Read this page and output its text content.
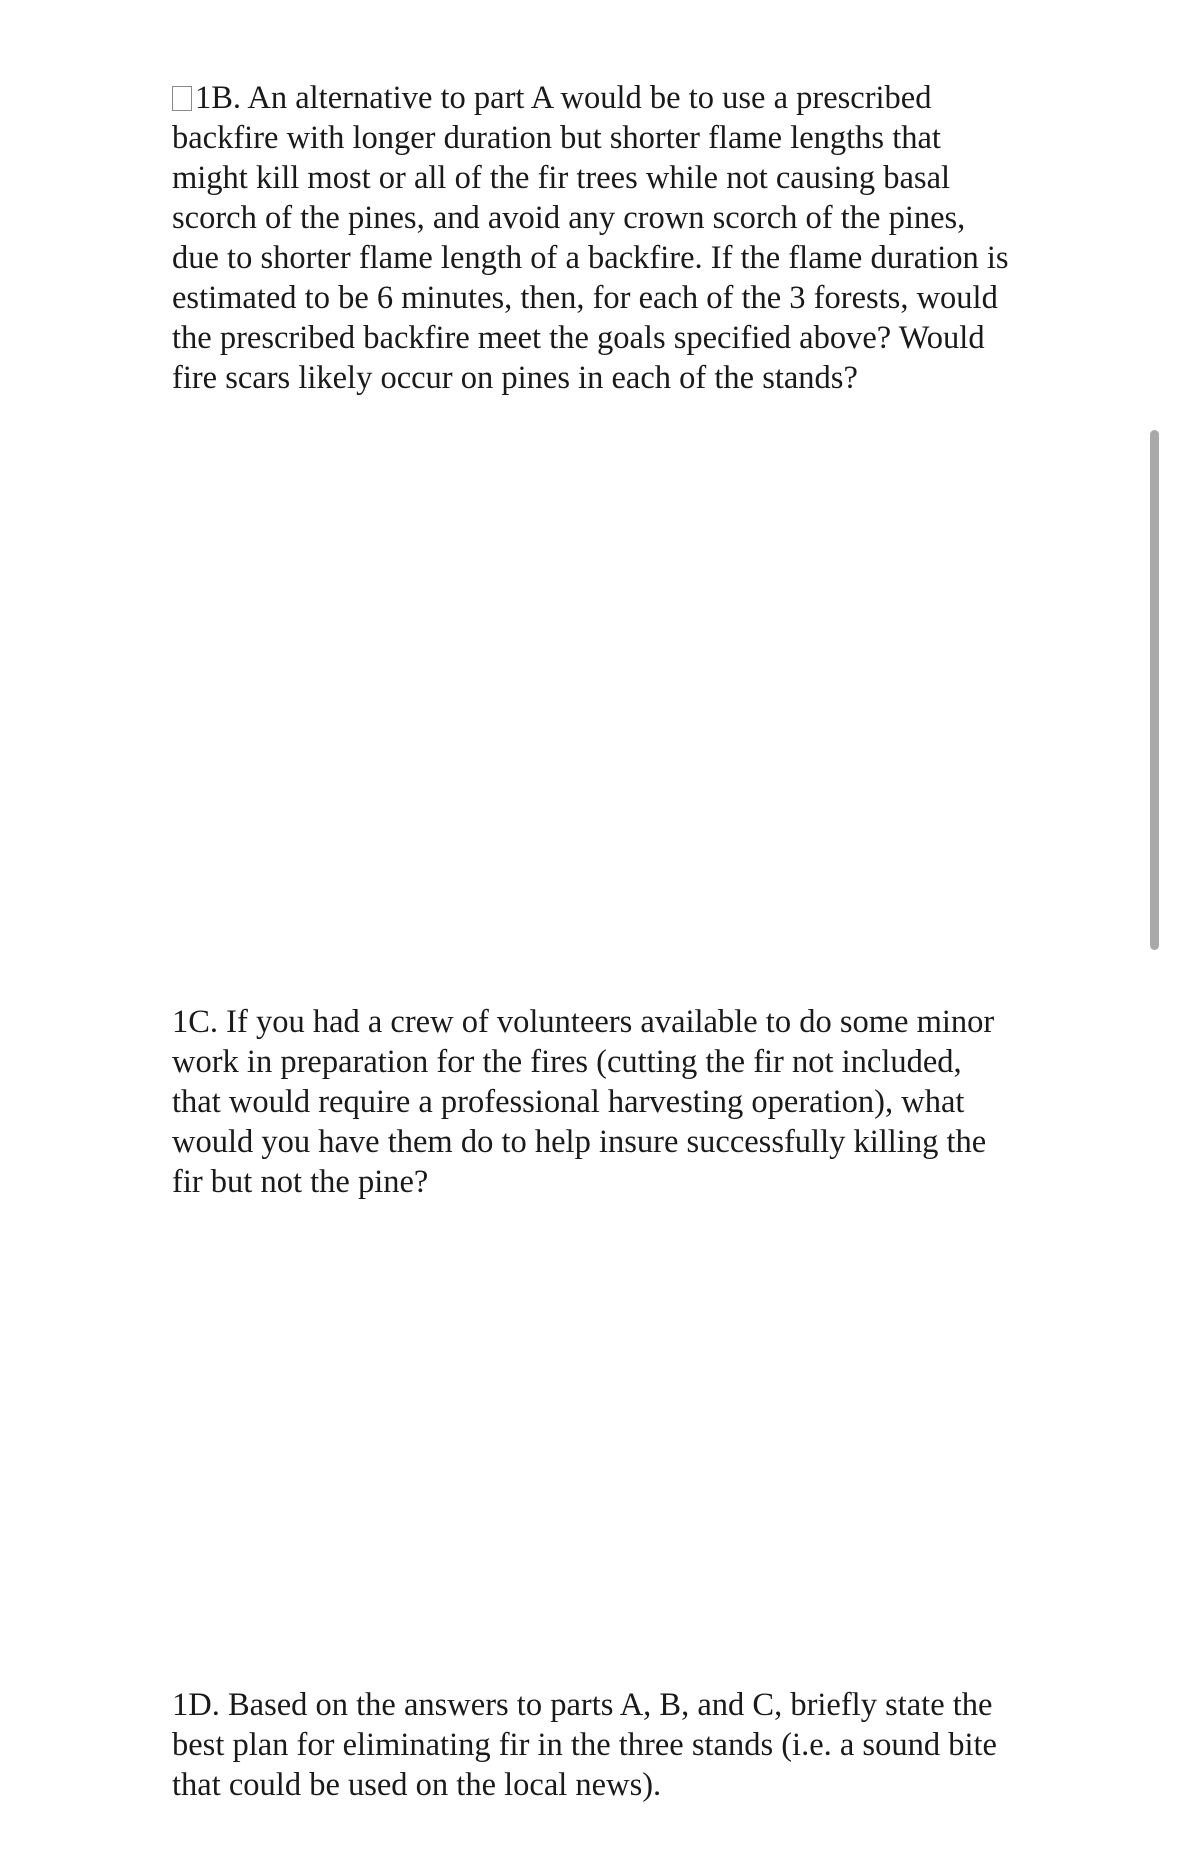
1B. An alternative to part A would be to use a prescribed backfire with longer duration but shorter flame lengths that might kill most or all of the fir trees while not causing basal scorch of the pines, and avoid any crown scorch of the pines, due to shorter flame length of a backfire. If the flame duration is estimated to be 6 minutes, then, for each of the 3 forests, would the prescribed backfire meet the goals specified above? Would fire scars likely occur on pines in each of the stands?

1C. If you had a crew of volunteers available to do some minor work in preparation for the fires (cutting the fir not included, that would require a professional harvesting operation), what would you have them do to help insure successfully killing the fir but not the pine?

1D. Based on the answers to parts A, B, and C, briefly state the best plan for eliminating fir in the three stands (i.e. a sound bite that could be used on the local news).
